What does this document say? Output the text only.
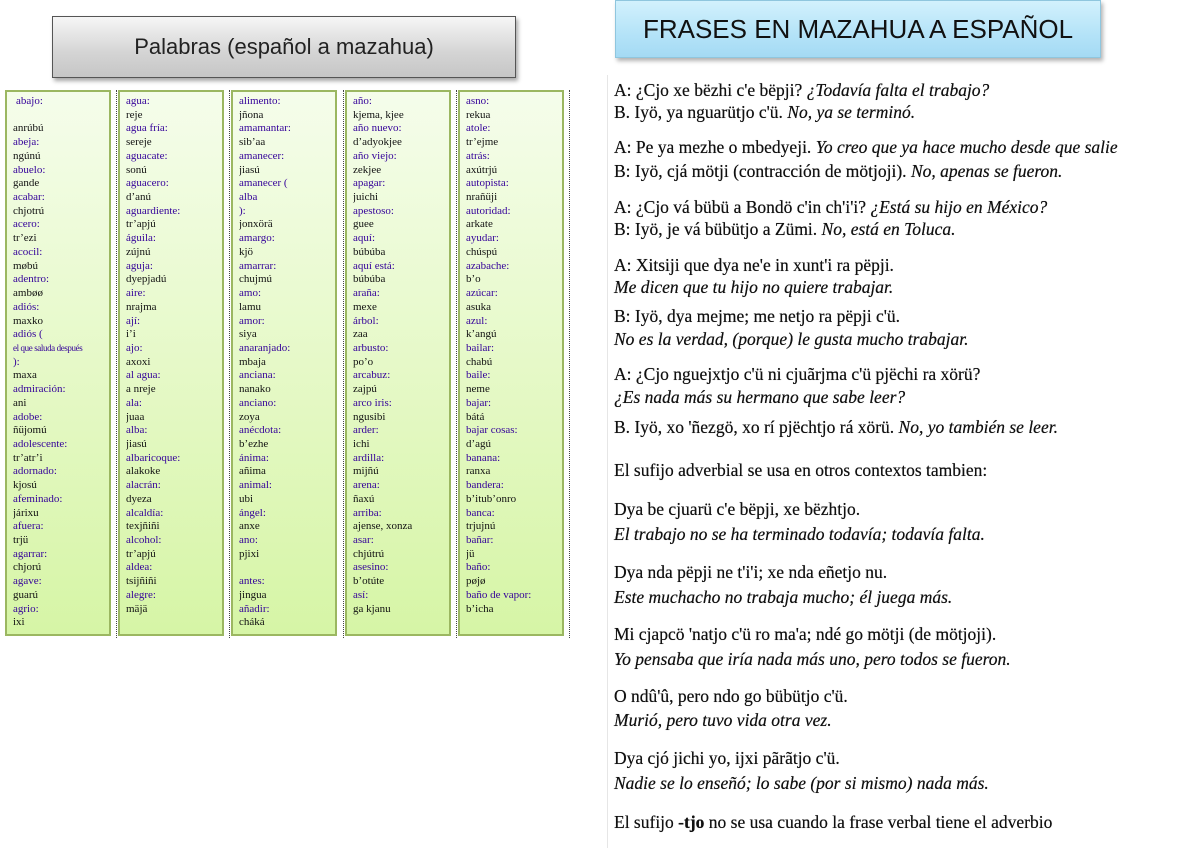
Palabras (español a mazahua)
abajo:
anrúbú
abeja:
ngúnú
abuelo:
gande
acabar:
chjotrú
acero:
tr’ezi
acocil:
møbú
adentro:
ambøø
adiós:
maxko
adiós (
el que saluda después
):
maxa
admiración:
ani
adobe:
ñüjomú
adolescente:
tr’atr’i
adornado:
kjosú
afeminado:
járixu
afuera:
trjü
agarrar:
chjorú
agave:
guarú
agrio:
ixi
agua:
reje
agua fría:
sereje
aguacate:
sonú
aguacero:
d’anú
aguardiente:
tr’apjú
águila:
zújnú
aguja:
dyepjadú
aire:
nrajma
ají:
i’i
ajo:
axoxi
al agua:
a nreje
ala:
juaa
alba:
jiasú
albaricoque:
alakoke
alacrán:
dyeza
alcaldía:
texjñiñi
alcohol:
tr’apjú
aldea:
tsijñiñi
alegre:
mäjä
alimento:
jñona
amamantar:
sib’aa
amanecer:
jiasú
amanecer (
alba
):
jonxörä
amargo:
kjö
amarrar:
chujmú
amo:
lamu
amor:
siya
anaranjado:
mbaja
anciana:
nanako
anciano:
zoya
anécdota:
b’ezhe
ánima:
añima
animal:
ubi
ángel:
anxe
ano:
pjixi
antes:
jingua
añadir:
cháká
año:
kjema, kjee
año nuevo:
d’adyokjee
año viejo:
zekjee
apagar:
juichi
apestoso:
guee
aquí:
búbúba
aquí está:
búbúba
araña:
mexe
árbol:
zaa
arbusto:
po’o
arcabuz:
zajpú
arco iris:
ngusibi
arder:
ichi
ardilla:
mijñú
arena:
ñaxú
arriba:
ajense, xonza
asar:
chjútrú
asesino:
b’otúte
así:
ga kjanu
asno:
rekua
atole:
tr’ejme
atrás:
axútrjú
autopista:
nrañüji
autoridad:
arkate
ayudar:
chúspú
azabache:
b’o
azúcar:
asuka
azul:
k’angú
bailar:
chabú
baile:
neme
bajar:
bátá
bajar cosas:
d’agú
banana:
ranxa
bandera:
b’itub’onro
banca:
trjujnú
bañar:
jü
baño:
pøjø
baño de vapor:
b’icha
FRASES EN MAZAHUA A ESPAÑOL
A: ¿Cjo xe bëzhi c'e bëpji? ¿Todavía falta el trabajo?
B. Iyö, ya nguarütjo c'ü. No, ya se terminó.
A: Pe ya mezhe o mbedyeji. Yo creo que ya hace mucho desde que salie
B: Iyö, cjá mötji (contracción de mötjoji). No, apenas se fueron.
A: ¿Cjo vá bübü a Bondö c'in ch'i'i? ¿Está su hijo en México?
B: Iyö, je vá bübütjo a Zümi. No, está en Toluca.
A: Xitsiji que dya ne'e in xunt'i ra pëpji.
Me dicen que tu hijo no quiere trabajar.
B: Iyö, dya mejme; me netjo ra pëpji c'ü.
No es la verdad, (porque) le gusta mucho trabajar.
A: ¿Cjo nguejxtjo c'ü ni cjuãrjma c'ü pjëchi ra xörü?
¿Es nada más su hermano que sabe leer?
B. Iyö, xo 'ñezgö, xo rí pjëchtjo rá xörü. No, yo también se leer.
El sufijo adverbial se usa en otros contextos tambien:
Dya be cjuarü c'e bëpji, xe bëzhtjo.
El trabajo no se ha terminado todavía; todavía falta.
Dya nda pëpji ne t'i'i; xe nda eñetjo nu.
Este muchacho no trabaja mucho; él juega más.
Mi cjapcö 'natjo c'ü ro ma'a; ndé go mötji (de mötjoji).
Yo pensaba que iría nada más uno, pero todos se fueron.
O ndû'û, pero ndo go bübütjo c'ü.
Murió, pero tuvo vida otra vez.
Dya cjó jichi yo, ijxi pãrãtjo c'ü.
Nadie se lo enseñó; lo sabe (por si mismo) nada más.
El sufijo -tjo no se usa cuando la frase verbal tiene el adverbio
